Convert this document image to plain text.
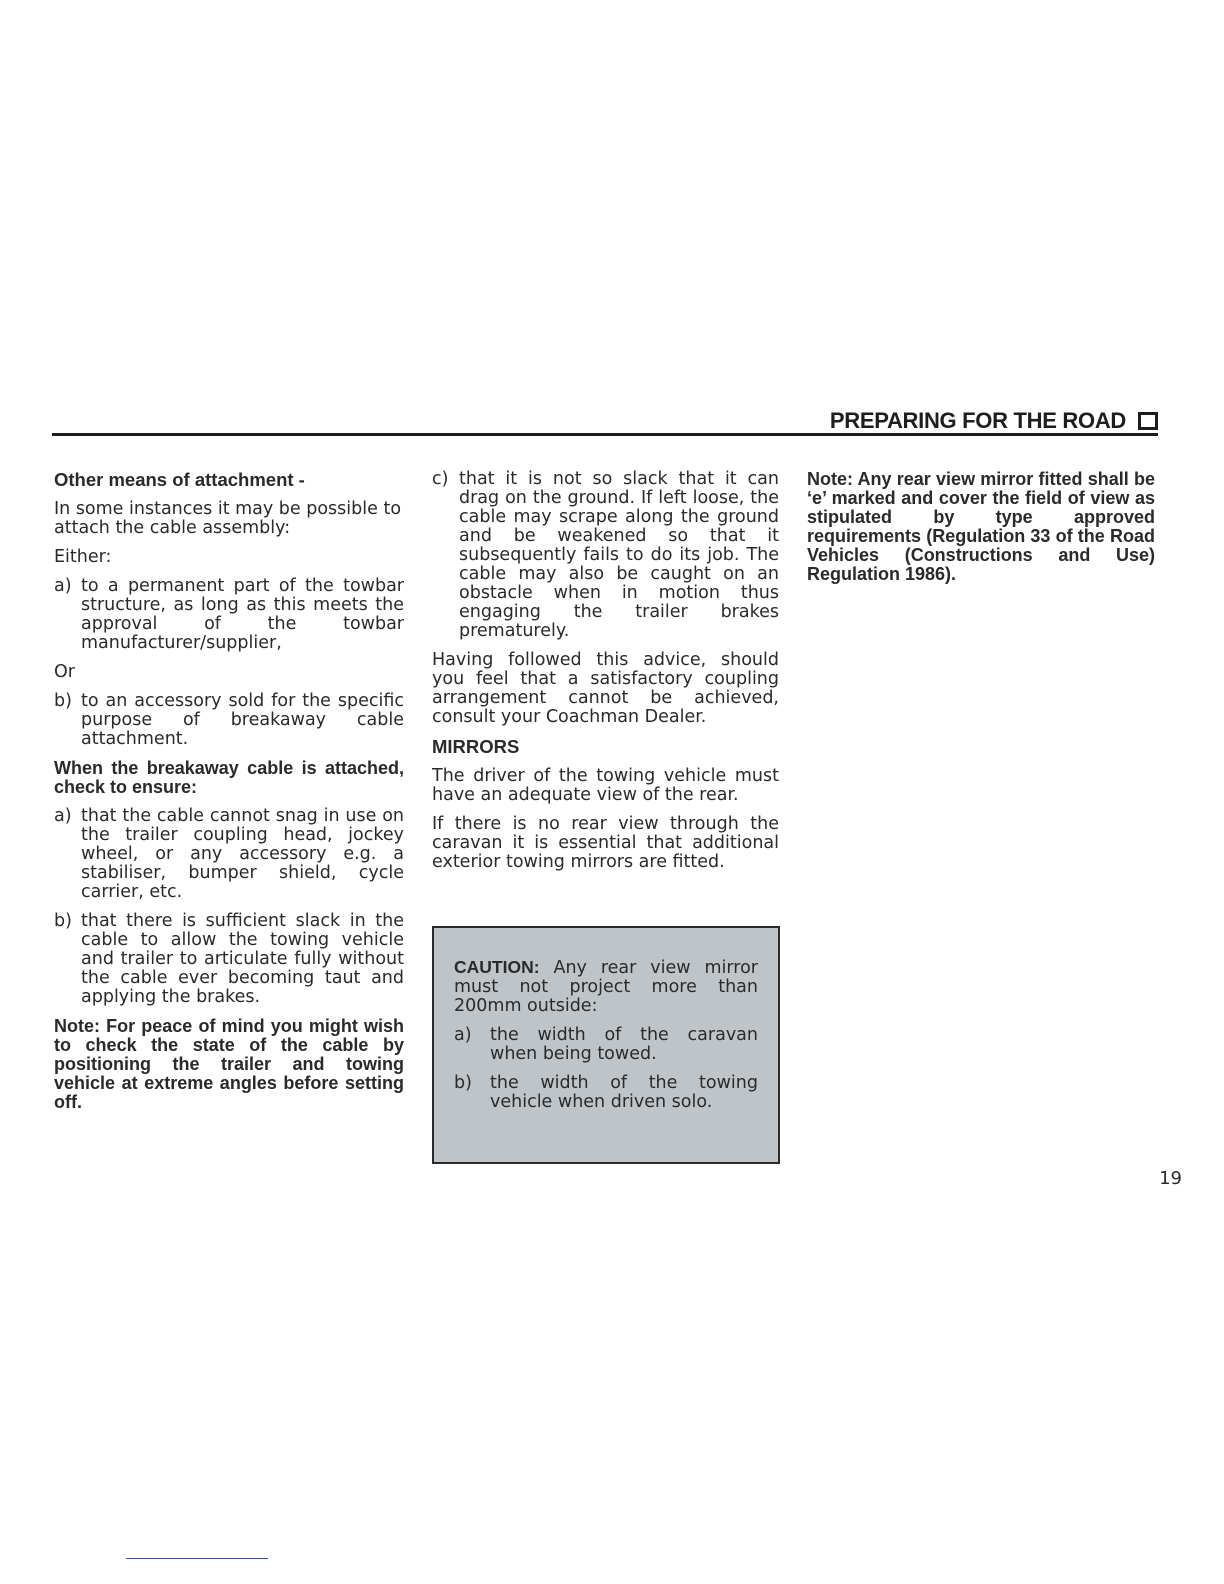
PREPARING FOR THE ROAD

Other means of attachment -

In some instances it may be possible to attach the cable assembly:

Either:

a) to a permanent part of the towbar structure, as long as this meets the approval of the towbar manufacturer/supplier,

Or

b) to an accessory sold for the specific purpose of breakaway cable attachment.

When the breakaway cable is attached, check to ensure:

a) that the cable cannot snag in use on the trailer coupling head, jockey wheel, or any accessory e.g. a stabiliser, bumper shield, cycle carrier, etc.
b) that there is sufficient slack in the cable to allow the towing vehicle and trailer to articulate fully without the cable ever becoming taut and applying the brakes.

Note: For peace of mind you might wish to check the state of the cable by positioning the trailer and towing vehicle at extreme angles before setting off.

c) that it is not so slack that it can drag on the ground. If left loose, the cable may scrape along the ground and be weakened so that it subsequently fails to do its job. The cable may also be caught on an obstacle when in motion thus engaging the trailer brakes prematurely.

Having followed this advice, should you feel that a satisfactory coupling arrangement cannot be achieved, consult your Coachman Dealer.

MIRRORS

The driver of the towing vehicle must have an adequate view of the rear.

If there is no rear view through the caravan it is essential that additional exterior towing mirrors are fitted.

CAUTION: Any rear view mirror must not project more than 200mm outside:

a)	the width of the caravan when being towed.
b)	the width of the towing vehicle when driven solo.

Note: Any rear view mirror fitted shall be ‘e’ marked and cover the field of view as stipulated by type approved requirements (Regulation 33 of the Road Vehicles (Constructions and Use) Regulation 1986).

19
